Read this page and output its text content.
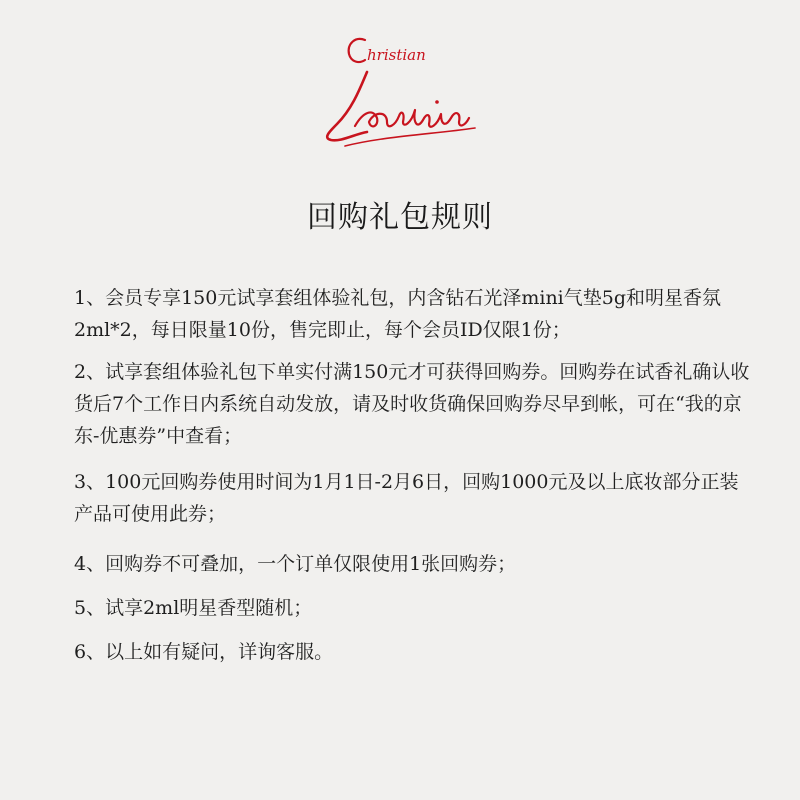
hristian
回购礼包规则
1、会员专享150元试享套组体验礼包，内含钻石光泽mini气垫5g和明星香氛2ml*2，每日限量10份，售完即止，每个会员ID仅限1份；
2、试享套组体验礼包下单实付满150元才可获得回购券。回购券在试香礼确认收货后7个工作日内系统自动发放，请及时收货确保回购券尽早到帐，可在“我的京东-优惠券”中查看；
3、100元回购券使用时间为1月1日-2月6日，回购1000元及以上底妆部分正装产品可使用此券；
4、回购券不可叠加，一个订单仅限使用1张回购券；
5、试享2ml明星香型随机；
6、以上如有疑问，详询客服。
